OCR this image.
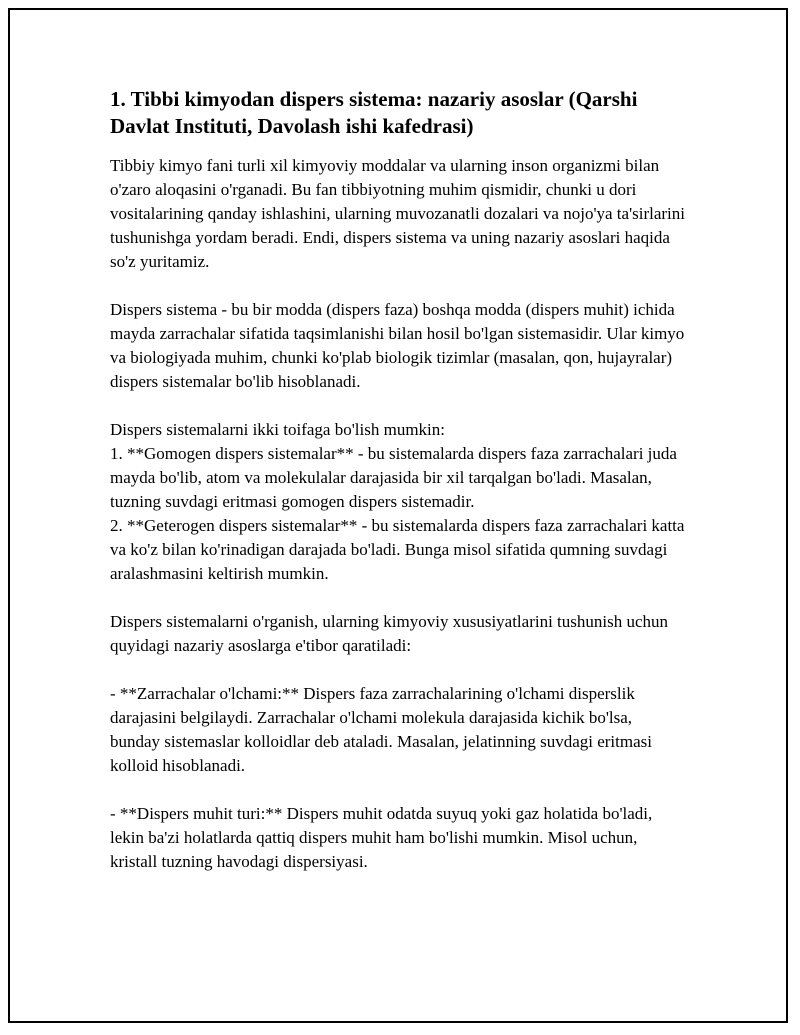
1. Tibbi kimyodan dispers sistema: nazariy asoslar (Qarshi Davlat Instituti, Davolash ishi kafedrasi)

Tibbiy kimyo fani turli xil kimyoviy moddalar va ularning inson organizmi bilan o'zaro aloqasini o'rganadi. Bu fan tibbiyotning muhim qismidir, chunki u dori vositalarining qanday ishlashini, ularning muvozanatli dozalari va nojo'ya ta'sirlarini tushunishga yordam beradi. Endi, dispers sistema va uning nazariy asoslari haqida so'z yuritamiz.

Dispers sistema - bu bir modda (dispers faza) boshqa modda (dispers muhit) ichida mayda zarrachalar sifatida taqsimlanishi bilan hosil bo'lgan sistemasidir. Ular kimyo va biologiyada muhim, chunki ko'plab biologik tizimlar (masalan, qon, hujayralar) dispers sistemalar bo'lib hisoblanadi.

Dispers sistemalarni ikki toifaga bo'lish mumkin:

1. **Gomogen dispers sistemalar** - bu sistemalarda dispers faza zarrachalari juda mayda bo'lib, atom va molekulalar darajasida bir xil tarqalgan bo'ladi. Masalan, tuzning suvdagi eritmasi gomogen dispers sistemadir.

2. **Geterogen dispers sistemalar** - bu sistemalarda dispers faza zarrachalari katta va ko'z bilan ko'rinadigan darajada bo'ladi. Bunga misol sifatida qumning suvdagi aralashmasini keltirish mumkin.

Dispers sistemalarni o'rganish, ularning kimyoviy xususiyatlarini tushunish uchun quyidagi nazariy asoslarga e'tibor qaratiladi:

- **Zarrachalar o'lchami:** Dispers faza zarrachalarining o'lchami disperslik darajasini belgilaydi. Zarrachalar o'lchami molekula darajasida kichik bo'lsa, bunday sistemaslar kolloidlar deb ataladi. Masalan, jelatinning suvdagi eritmasi kolloid hisoblanadi.

- **Dispers muhit turi:** Dispers muhit odatda suyuq yoki gaz holatida bo'ladi, lekin ba'zi holatlarda qattiq dispers muhit ham bo'lishi mumkin. Misol uchun, kristall tuzning havodagi dispersiyasi.
